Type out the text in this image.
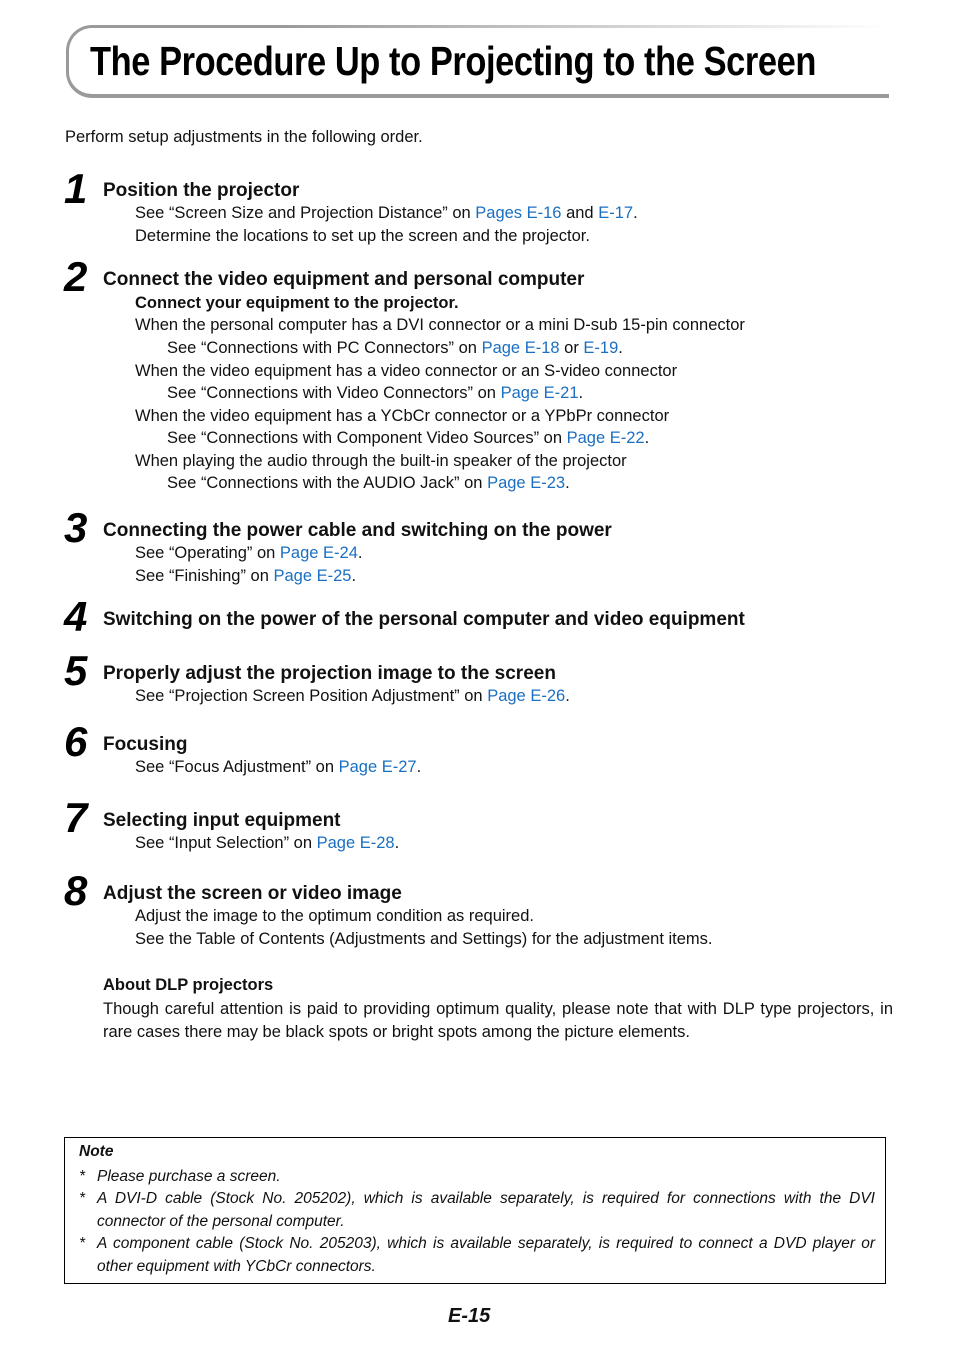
The Procedure Up to Projecting to the Screen
Perform setup adjustments in the following order.
1 Position the projector
See “Screen Size and Projection Distance” on Pages E-16 and E-17.
Determine the locations to set up the screen and the projector.
2 Connect the video equipment and personal computer
Connect your equipment to the projector.
When the personal computer has a DVI connector or a mini D-sub 15-pin connector
See “Connections with PC Connectors” on Page E-18 or E-19.
When the video equipment has a video connector or an S-video connector
See “Connections with Video Connectors” on Page E-21.
When the video equipment has a YCbCr connector or a YPbPr connector
See “Connections with Component Video Sources” on Page E-22.
When playing the audio through the built-in speaker of the projector
See “Connections with the AUDIO Jack” on Page E-23.
3 Connecting the power cable and switching on the power
See “Operating” on Page E-24.
See “Finishing” on Page E-25.
4 Switching on the power of the personal computer and video equipment
5 Properly adjust the projection image to the screen
See “Projection Screen Position Adjustment” on Page E-26.
6 Focusing
See “Focus Adjustment” on Page E-27.
7 Selecting input equipment
See “Input Selection” on Page E-28.
8 Adjust the screen or video image
Adjust the image to the optimum condition as required.
See the Table of Contents (Adjustments and Settings) for the adjustment items.
About DLP projectors
Though careful attention is paid to providing optimum quality, please note that with DLP type projectors, in rare cases there may be black spots or bright spots among the picture elements.
Note
* Please purchase a screen.
* A DVI-D cable (Stock No. 205202), which is available separately, is required for connections with the DVI connector of the personal computer.
* A component cable (Stock No. 205203), which is available separately, is required to connect a DVD player or other equipment with YCbCr connectors.
E-15
